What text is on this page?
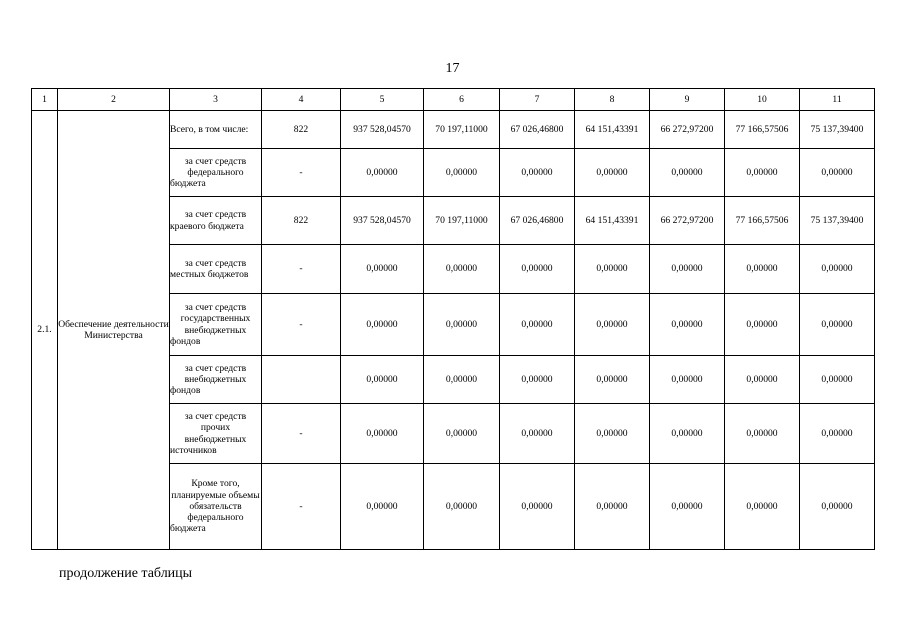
17
1	2	3	4	5	6	7	8	9	10	11
2.1.	Обеспечение деятельности Министерства	Всего, в том числе:	822	937 528,04570	70 197,11000	67 026,46800	64 151,43391	66 272,97200	77 166,57506	75 137,39400
		за счет средств федерального бюджета	-	0,00000	0,00000	0,00000	0,00000	0,00000	0,00000	0,00000
		за счет средств краевого бюджета	822	937 528,04570	70 197,11000	67 026,46800	64 151,43391	66 272,97200	77 166,57506	75 137,39400
		за счет средств местных бюджетов	-	0,00000	0,00000	0,00000	0,00000	0,00000	0,00000	0,00000
		за счет средств государственных внебюджетных фондов	-	0,00000	0,00000	0,00000	0,00000	0,00000	0,00000	0,00000
		за счет средств внебюджетных фондов		0,00000	0,00000	0,00000	0,00000	0,00000	0,00000	0,00000
		за счет средств прочих внебюджетных источников	-	0,00000	0,00000	0,00000	0,00000	0,00000	0,00000	0,00000
		Кроме того, планируемые объемы обязательств федерального бюджета	-	0,00000	0,00000	0,00000	0,00000	0,00000	0,00000	0,00000
продолжение таблицы
